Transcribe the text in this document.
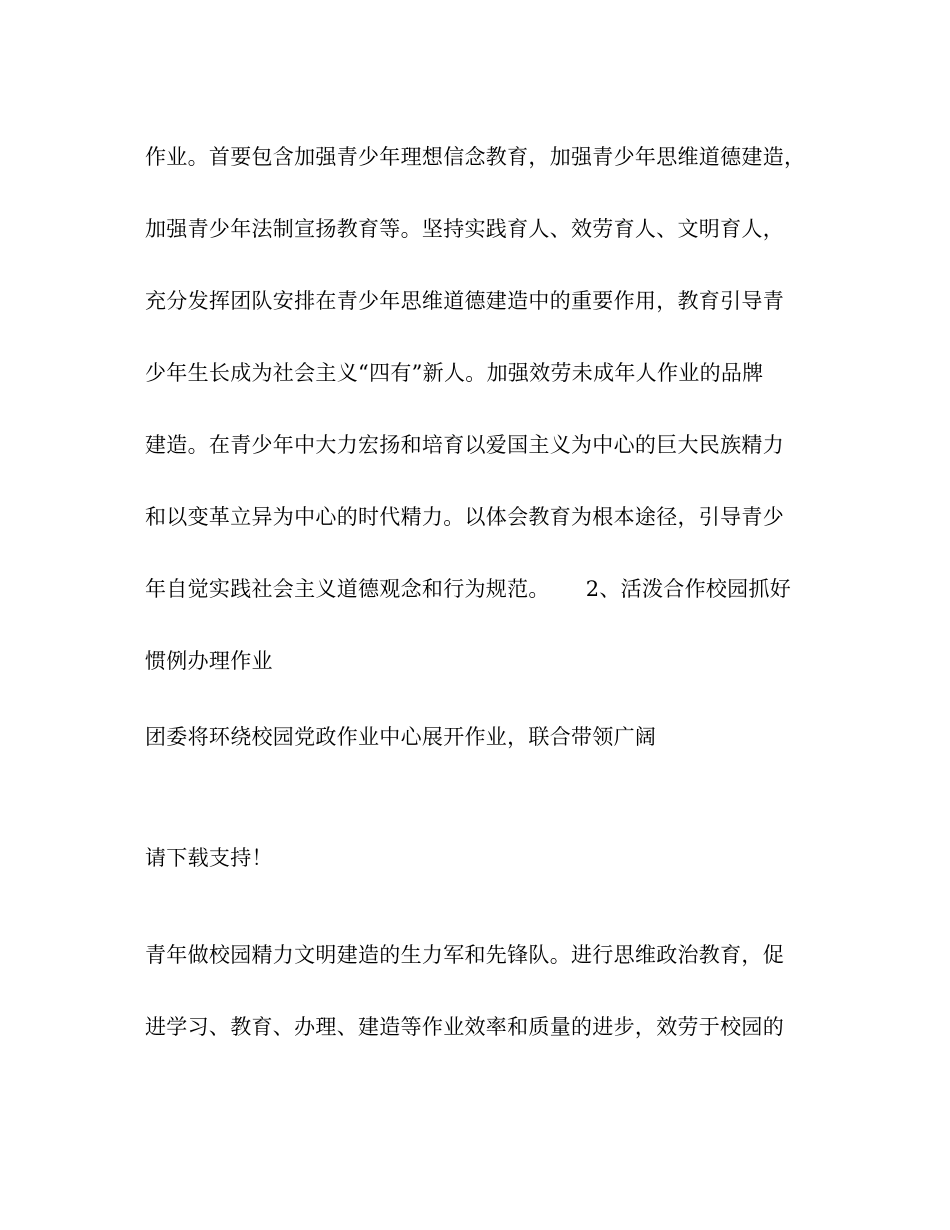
作业。首要包含加强青少年理想信念教育，加强青少年思维道德建造，
加强青少年法制宣扬教育等。坚持实践育人、效劳育人、文明育人，
充分发挥团队安排在青少年思维道德建造中的重要作用，教育引导青
少年生长成为社会主义“四有”新人。加强效劳未成年人作业的品牌
建造。在青少年中大力宏扬和培育以爱国主义为中心的巨大民族精力
和以变革立异为中心的时代精力。以体会教育为根本途径，引导青少
年自觉实践社会主义道德观念和行为规范。 2、活泼合作校园抓好
惯例办理作业
团委将环绕校园党政作业中心展开作业，联合带领广阔
请下载支持！
青年做校园精力文明建造的生力军和先锋队。进行思维政治教育，促
进学习、教育、办理、建造等作业效率和质量的进步，效劳于校园的
